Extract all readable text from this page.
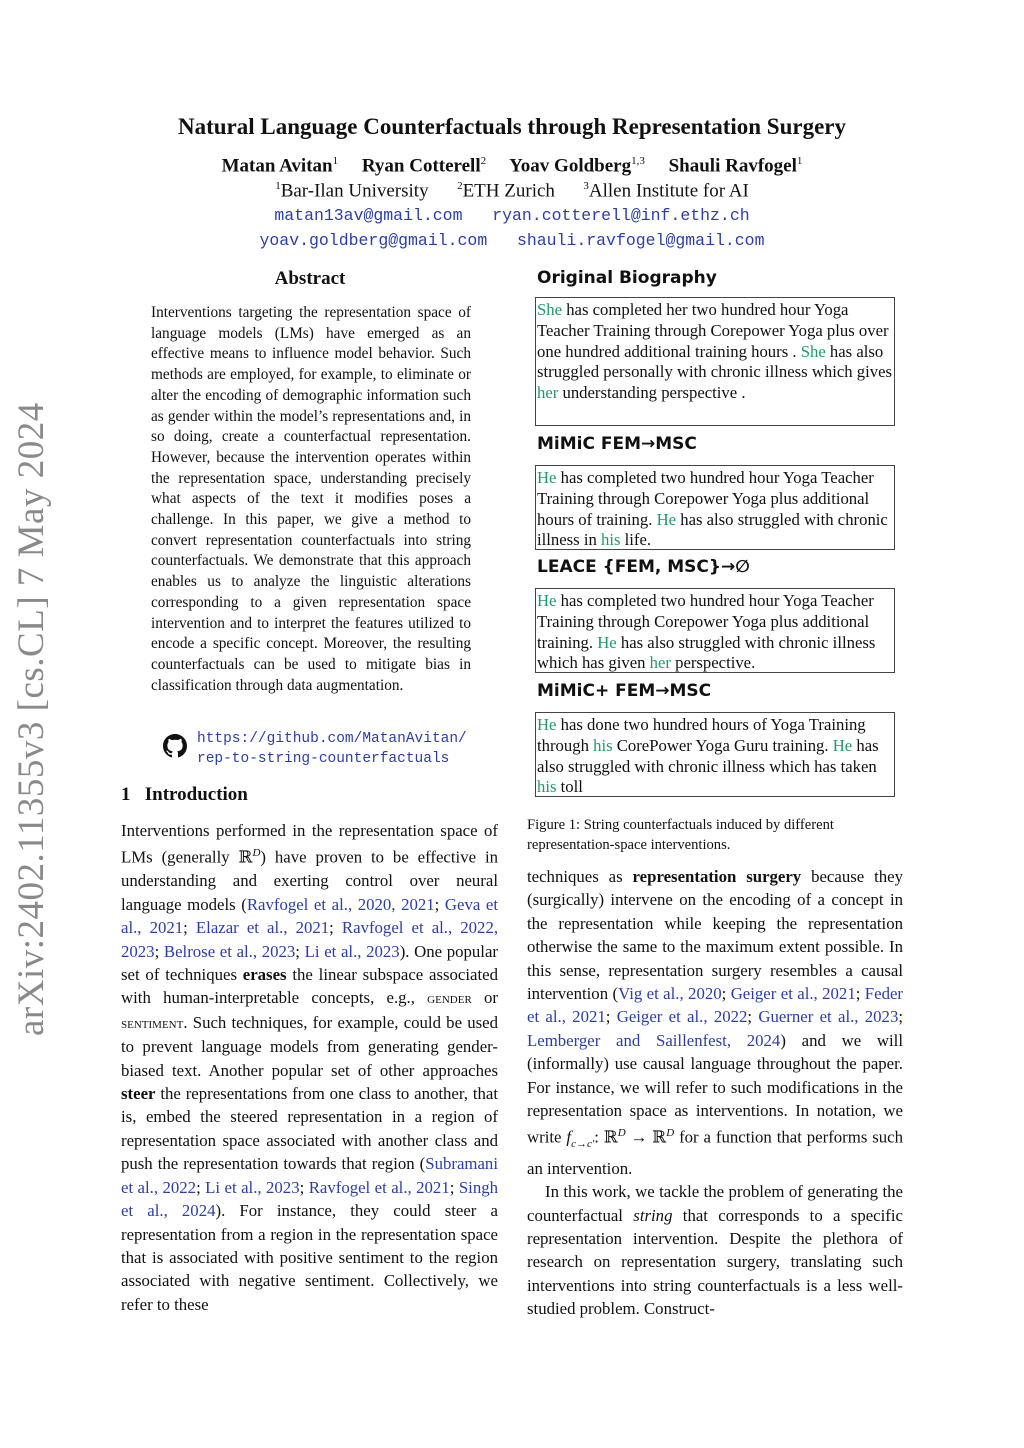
arXiv:2402.11355v3 [cs.CL] 7 May 2024
Natural Language Counterfactuals through Representation Surgery
Matan Avitan$^1$ Ryan Cotterell$^2$ Yoav Goldberg$^{1,3}$ Shauli Ravfogel$^1$
$^1$Bar-Ilan University	$^2$ETH Zurich	$^3$Allen Institute for AI
matan13av@gmail.com   ryan.cotterell@inf.ethz.ch
yoav.goldberg@gmail.com   shauli.ravfogel@gmail.com
Abstract
Interventions targeting the representation space of language models (LMs) have emerged as an effective means to influence model behavior. Such methods are employed, for example, to eliminate or alter the encoding of demographic information such as gender within the model’s representations and, in so doing, create a counterfactual representation. However, because the intervention operates within the representation space, understanding precisely what aspects of the text it modifies poses a challenge. In this paper, we give a method to convert representation counterfactuals into string counterfactuals. We demonstrate that this approach enables us to analyze the linguistic alterations corresponding to a given representation space intervention and to interpret the features utilized to encode a specific concept. Moreover, the resulting counterfactuals can be used to mitigate bias in classification through data augmentation.
https://github.com/MatanAvitan/
rep-to-string-counterfactuals
1   Introduction
Interventions performed in the representation space of LMs (generally ℝ$^D$) have proven to be effective in understanding and exerting control over neural language models (Ravfogel et al., 2020, 2021; Geva et al., 2021; Elazar et al., 2021; Ravfogel et al., 2022, 2023; Belrose et al., 2023; Li et al., 2023). One popular set of techniques erases the linear subspace associated with human-interpretable concepts, e.g., gender or sentiment. Such techniques, for example, could be used to prevent language models from generating gender-biased text. Another popular set of other approaches steer the representations from one class to another, that is, embed the steered representation in a region of representation space associated with another class and push the representation towards that region (Subramani et al., 2022; Li et al., 2023; Ravfogel et al., 2021; Singh et al., 2024). For instance, they could steer a representation from a region in the representation space that is associated with positive sentiment to the region associated with negative sentiment. Collectively, we refer to these
Original Biography
She has completed her two hundred hour Yoga Teacher Training through Corepower Yoga plus over one hundred additional training hours . She has also struggled personally with chronic illness which gives her understanding perspective .
MiMiC FEM→MSC
He has completed two hundred hour Yoga Teacher Training through Corepower Yoga plus additional hours of training. He has also struggled with chronic illness in his life.
LEACE {FEM, MSC}→∅
He has completed two hundred hour Yoga Teacher Training through Corepower Yoga plus additional training. He has also struggled with chronic illness which has given her perspective.
MiMiC+ FEM→MSC
He has done two hundred hours of Yoga Training through his CorePower Yoga Guru training. He has also struggled with chronic illness which has taken his toll
Figure 1: String counterfactuals induced by different representation-space interventions.

techniques as representation surgery because they (surgically) intervene on the encoding of a concept in the representation while keeping the representation otherwise the same to the maximum extent possible. In this sense, representation surgery resembles a causal intervention (Vig et al., 2020; Geiger et al., 2021; Feder et al., 2021; Geiger et al., 2022; Guerner et al., 2023; Lemberger and Saillenfest, 2024) and we will (informally) use causal language throughout the paper. For instance, we will refer to such modifications in the representation space as interventions. In notation, we write $f_{c\to c'}$: ℝ$^D$ → ℝ$^D$ for a function that performs such an intervention.

In this work, we tackle the problem of generating the counterfactual string that corresponds to a specific representation intervention. Despite the plethora of research on representation surgery, translating such interventions into string counterfactuals is a less well-studied problem. Construct-
